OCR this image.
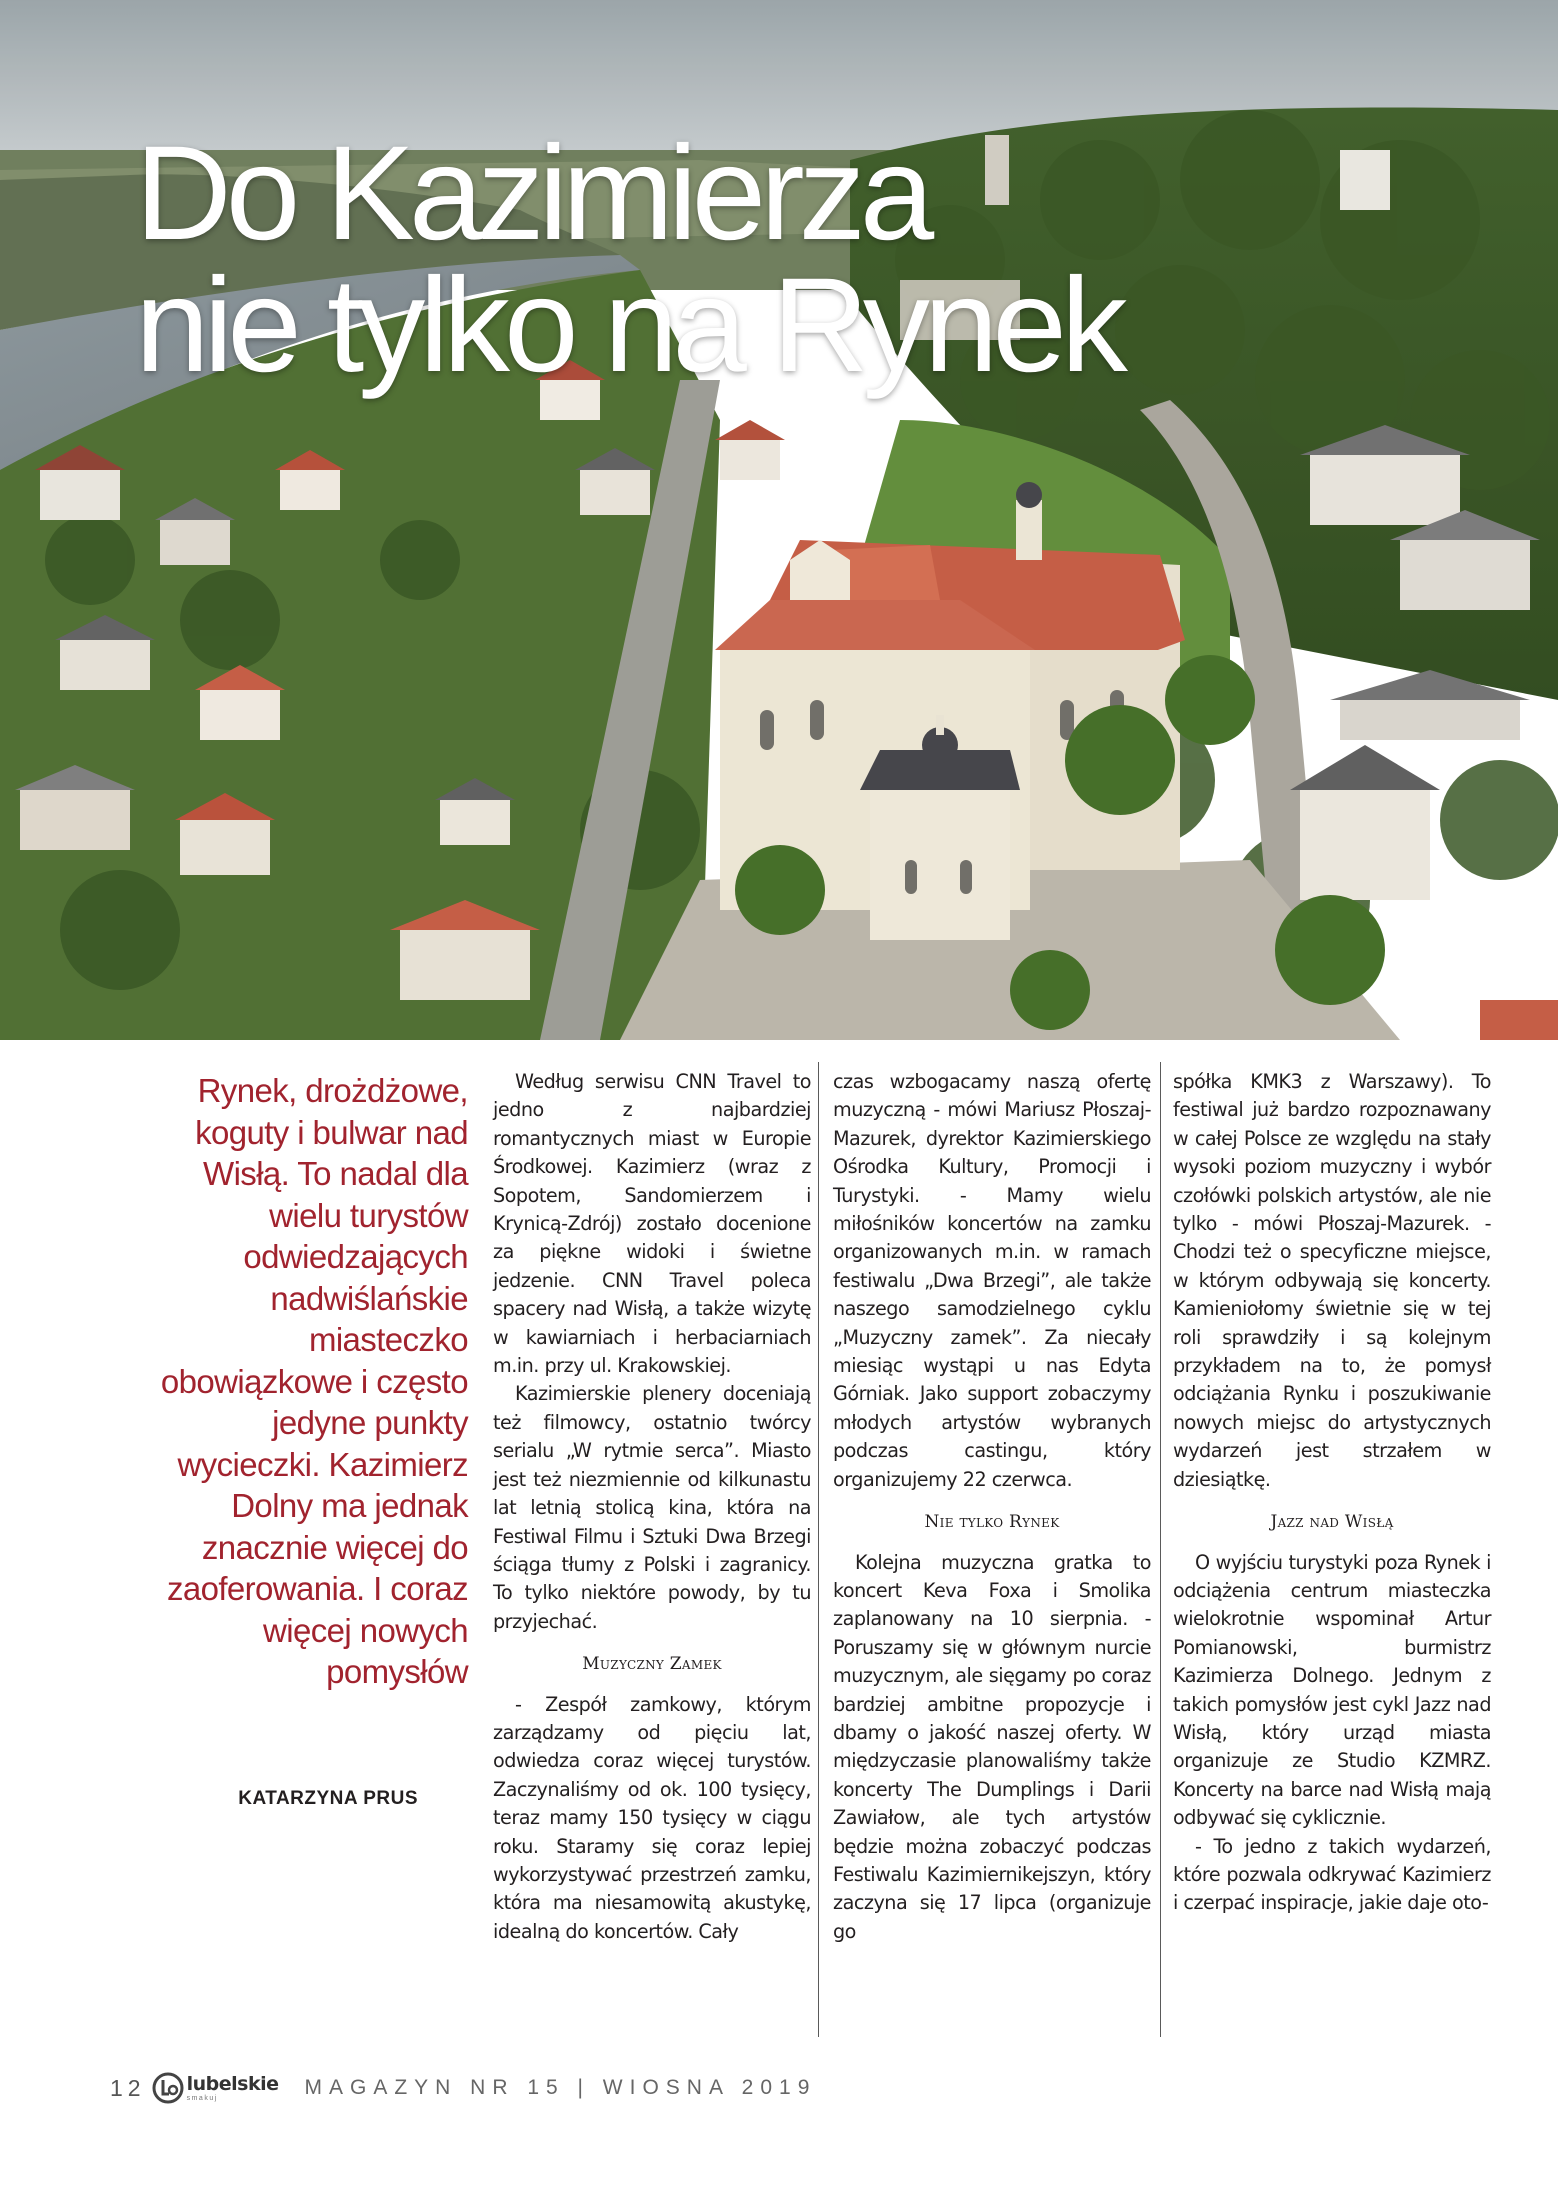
Do Kazimierza
nie tylko na Rynek

Rynek, drożdżowe, koguty i bulwar nad Wisłą. To nadal dla wielu turystów odwiedzających nadwiślańskie miasteczko obowiązkowe i często jedyne punkty wycieczki. Kazimierz Dolny ma jednak znacznie więcej do zaoferowania. I coraz więcej nowych pomysłów

KATARZYNA PRUS

Według serwisu CNN Travel to jedno z najbardziej romantycznych miast w Europie Środkowej. Kazimierz (wraz z Sopotem, Sandomierzem i Krynicą-Zdrój) zostało docenione za piękne widoki i świetne jedzenie. CNN Travel poleca spacery nad Wisłą, a także wizytę w kawiarniach i herbaciarniach m.in. przy ul. Krakowskiej.

Kazimierskie plenery doceniają też filmowcy, ostatnio twórcy serialu „W rytmie serca”. Miasto jest też niezmiennie od kilkunastu lat letnią stolicą kina, która na Festiwal Filmu i Sztuki Dwa Brzegi ściąga tłumy z Polski i zagranicy. To tylko niektóre powody, by tu przyjechać.

Muzyczny Zamek

- Zespół zamkowy, którym zarządzamy od pięciu lat, odwiedza coraz więcej turystów. Zaczynaliśmy od ok. 100 tysięcy, teraz mamy 150 tysięcy w ciągu roku. Staramy się coraz lepiej wykorzystywać przestrzeń zamku, która ma niesamowitą akustykę, idealną do koncertów. Cały

czas wzbogacamy naszą ofertę muzyczną - mówi Mariusz Płoszaj-Mazurek, dyrektor Kazimierskiego Ośrodka Kultury, Promocji i Turystyki. - Mamy wielu miłośników koncertów na zamku organizowanych m.in. w ramach festiwalu „Dwa Brzegi”, ale także naszego samodzielnego cyklu „Muzyczny zamek”. Za niecały miesiąc wystąpi u nas Edyta Górniak. Jako support zobaczymy młodych artystów wybranych podczas castingu, który organizujemy 22 czerwca.

Nie tylko Rynek

Kolejna muzyczna gratka to koncert Keva Foxa i Smolika zaplanowany na 10 sierpnia. - Poruszamy się w głównym nurcie muzycznym, ale sięgamy po coraz bardziej ambitne propozycje i dbamy o jakość naszej oferty. W międzyczasie planowaliśmy także koncerty The Dumplings i Darii Zawiałow, ale tych artystów będzie można zobaczyć podczas Festiwalu Kazimiernikejszyn, który zaczyna się 17 lipca (organizuje go

spółka KMK3 z Warszawy). To festiwal już bardzo rozpoznawany w całej Polsce ze względu na stały wysoki poziom muzyczny i wybór czołówki polskich artystów, ale nie tylko - mówi Płoszaj-Mazurek. - Chodzi też o specyficzne miejsce, w którym odbywają się koncerty. Kamieniołomy świetnie się w tej roli sprawdziły i są kolejnym przykładem na to, że pomysł odciążania Rynku i poszukiwanie nowych miejsc do artystycznych wydarzeń jest strzałem w dziesiątkę.

Jazz nad Wisłą

O wyjściu turystyki poza Rynek i odciążenia centrum miasteczka wielokrotnie wspominał Artur Pomianowski, burmistrz Kazimierza Dolnego. Jednym z takich pomysłów jest cykl Jazz nad Wisłą, który urząd miasta organizuje ze Studio KZMRZ. Koncerty na barce nad Wisłą mają odbywać się cyklicznie.

- To jedno z takich wydarzeń, które pozwala odkrywać Kazimierz i czerpać inspiracje, jakie daje oto-

12 lubelskie
smakuj	MAGAZYN NR 15 | WIOSNA 2019
